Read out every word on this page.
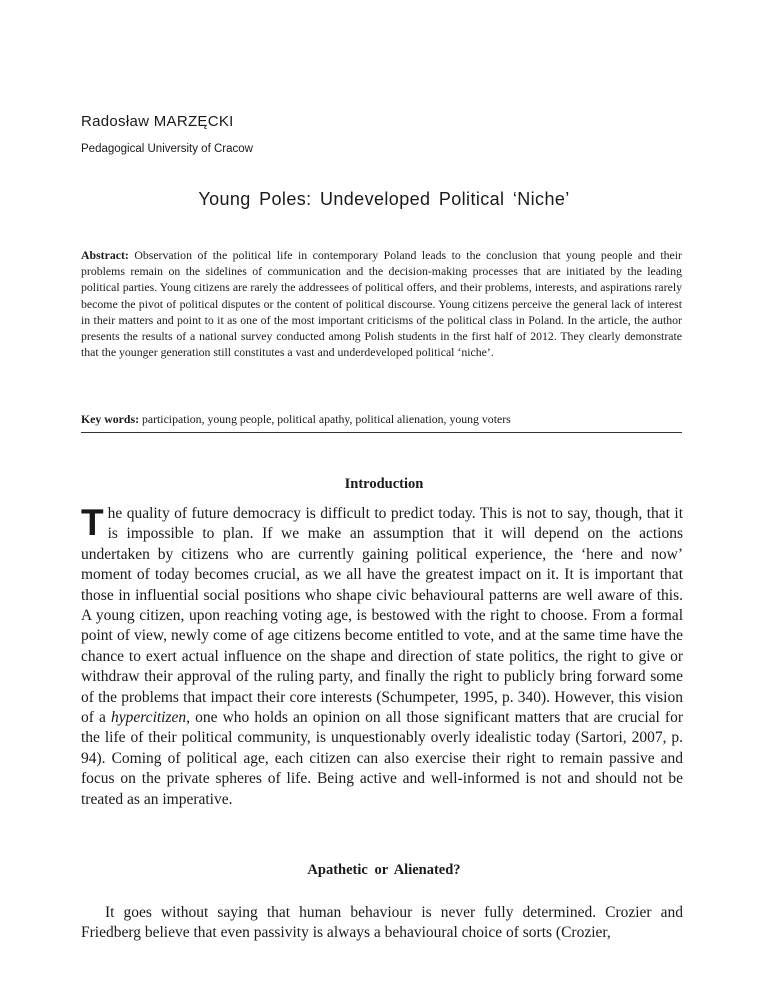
Radosław MARZĘCKI
Pedagogical University of Cracow
Young Poles: Undeveloped Political ‘Niche’
Abstract: Observation of the political life in contemporary Poland leads to the conclusion that young people and their problems remain on the sidelines of communication and the decision-making processes that are initiated by the leading political parties. Young citizens are rarely the addressees of political offers, and their problems, interests, and aspirations rarely become the pivot of political disputes or the content of political discourse. Young citizens perceive the general lack of interest in their matters and point to it as one of the most important criticisms of the political class in Poland. In the article, the author presents the results of a national survey conducted among Polish students in the first half of 2012. They clearly demonstrate that the younger generation still constitutes a vast and underdeveloped political ‘niche’.
Key words: participation, young people, political apathy, political alienation, young voters
Introduction
The quality of future democracy is difficult to predict today. This is not to say, though, that it is impossible to plan. If we make an assumption that it will depend on the actions undertaken by citizens who are currently gaining political experience, the ‘here and now’ moment of today becomes crucial, as we all have the greatest impact on it. It is important that those in influential social positions who shape civic behavioural patterns are well aware of this. A young citizen, upon reaching voting age, is bestowed with the right to choose. From a formal point of view, newly come of age citizens become entitled to vote, and at the same time have the chance to exert actual influence on the shape and direction of state politics, the right to give or withdraw their approval of the ruling party, and finally the right to publicly bring forward some of the problems that impact their core interests (Schumpeter, 1995, p. 340). However, this vision of a hypercitizen, one who holds an opinion on all those significant matters that are crucial for the life of their political community, is unquestionably overly idealistic today (Sartori, 2007, p. 94). Coming of political age, each citizen can also exercise their right to remain passive and focus on the private spheres of life. Being active and well-informed is not and should not be treated as an imperative.
Apathetic or Alienated?
It goes without saying that human behaviour is never fully determined. Crozier and Friedberg believe that even passivity is always a behavioural choice of sorts (Crozier,
